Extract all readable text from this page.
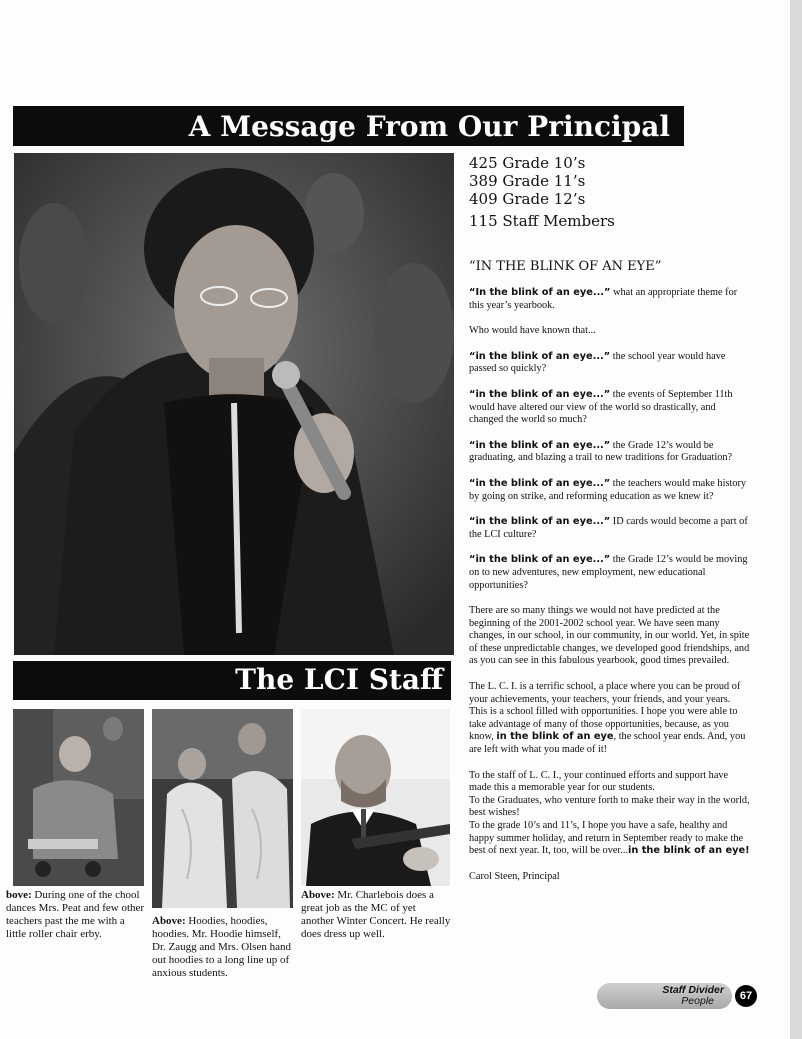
A Message From Our Principal
The LCI Staff
bove: During one of the chool dances Mrs. Peat and few other teachers past the me with a little roller chair erby.
Above: Hoodies, hoodies, hoodies. Mr. Hoodie himself, Dr. Zaugg and Mrs. Olsen hand out hoodies to a long line up of anxious students.
Above: Mr. Charlebois does a great job as the MC of yet another Winter Concert. He really does dress up well.
425 Grade 10’s
389 Grade 11’s
409 Grade 12’s
115 Staff Members
“IN THE BLINK OF AN EYE”

“In the blink of an eye...” what an appropriate theme for this year’s yearbook.

Who would have known that...

“in the blink of an eye...” the school year would have passed so quickly?

“in the blink of an eye...” the events of September 11th would have altered our view of the world so drastically, and changed the world so much?

“in the blink of an eye...” the Grade 12’s would be graduating, and blazing a trail to new traditions for Graduation?

“in the blink of an eye...” the teachers would make history by going on strike, and reforming education as we knew it?

“in the blink of an eye...” ID cards would become a part of the LCI culture?

“in the blink of an eye...” the Grade 12’s would be moving on to new adventures, new employment, new educational opportunities?

There are so many things we would not have predicted at the beginning of the 2001-2002 school year. We have seen many changes, in our school, in our community, in our world. Yet, in spite of these unpredictable changes, we developed good friendships, and as you can see in this fabulous yearbook, good times prevailed.

The L. C. I. is a terrific school, a place where you can be proud of your achievements, your teachers, your friends, and your years. This is a school filled with opportunities. I hope you were able to take advantage of many of those opportunities, because, as you know, in the blink of an eye, the school year ends. And, you are left with what you made of it!

To the staff of L. C. I., your continued efforts and support have made this a memorable year for our students.
To the Graduates, who venture forth to make their way in the world, best wishes!
To the grade 10’s and 11’s, I hope you have a safe, healthy and happy summer holiday, and return in September ready to make the best of next year. It, too, will be over...in the blink of an eye!

Carol Steen, Principal

Staff Divider
People	67
